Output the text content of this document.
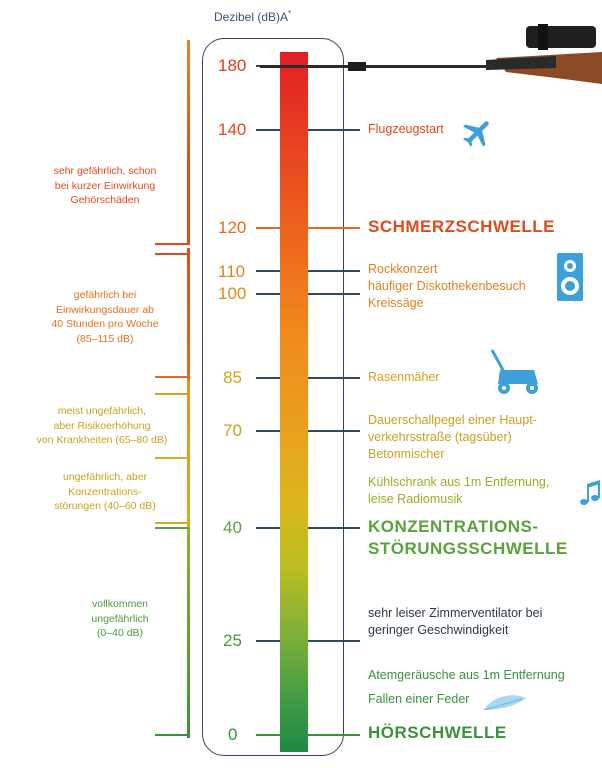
Dezibel (dB)A*
sehr gefährlich, schon
bei kurzer Einwirkung
Gehörschäden
gefährlich bei
Einwirkungsdauer ab
40 Stunden pro Woche
(85–115 dB)
meist ungefährlich,
aber Risikoerhöhung
von Krankheiten (65–80 dB)
ungefährlich, aber
Konzentrations-
störungen (40–60 dB)
vollkommen
ungefährlich
(0–40 dB)
180
140
120
110
100
85
70
40
25
0
Flugzeugstart
SCHMERZSCHWELLE
Rockkonzert
häufiger Diskothekenbesuch
Kreissäge
Rasenmäher
Dauerschallpegel einer Haupt-
verkehrsstraße (tagsüber)
Betonmischer
Kühlschrank aus 1m Entfernung,
leise Radiomusik
KONZENTRATIONS-
STÖRUNGSSCHWELLE
sehr leiser Zimmerventilator bei
geringer Geschwindigkeit
Atemgeräusche aus 1m Entfernung
Fallen einer Feder
HÖRSCHWELLE
